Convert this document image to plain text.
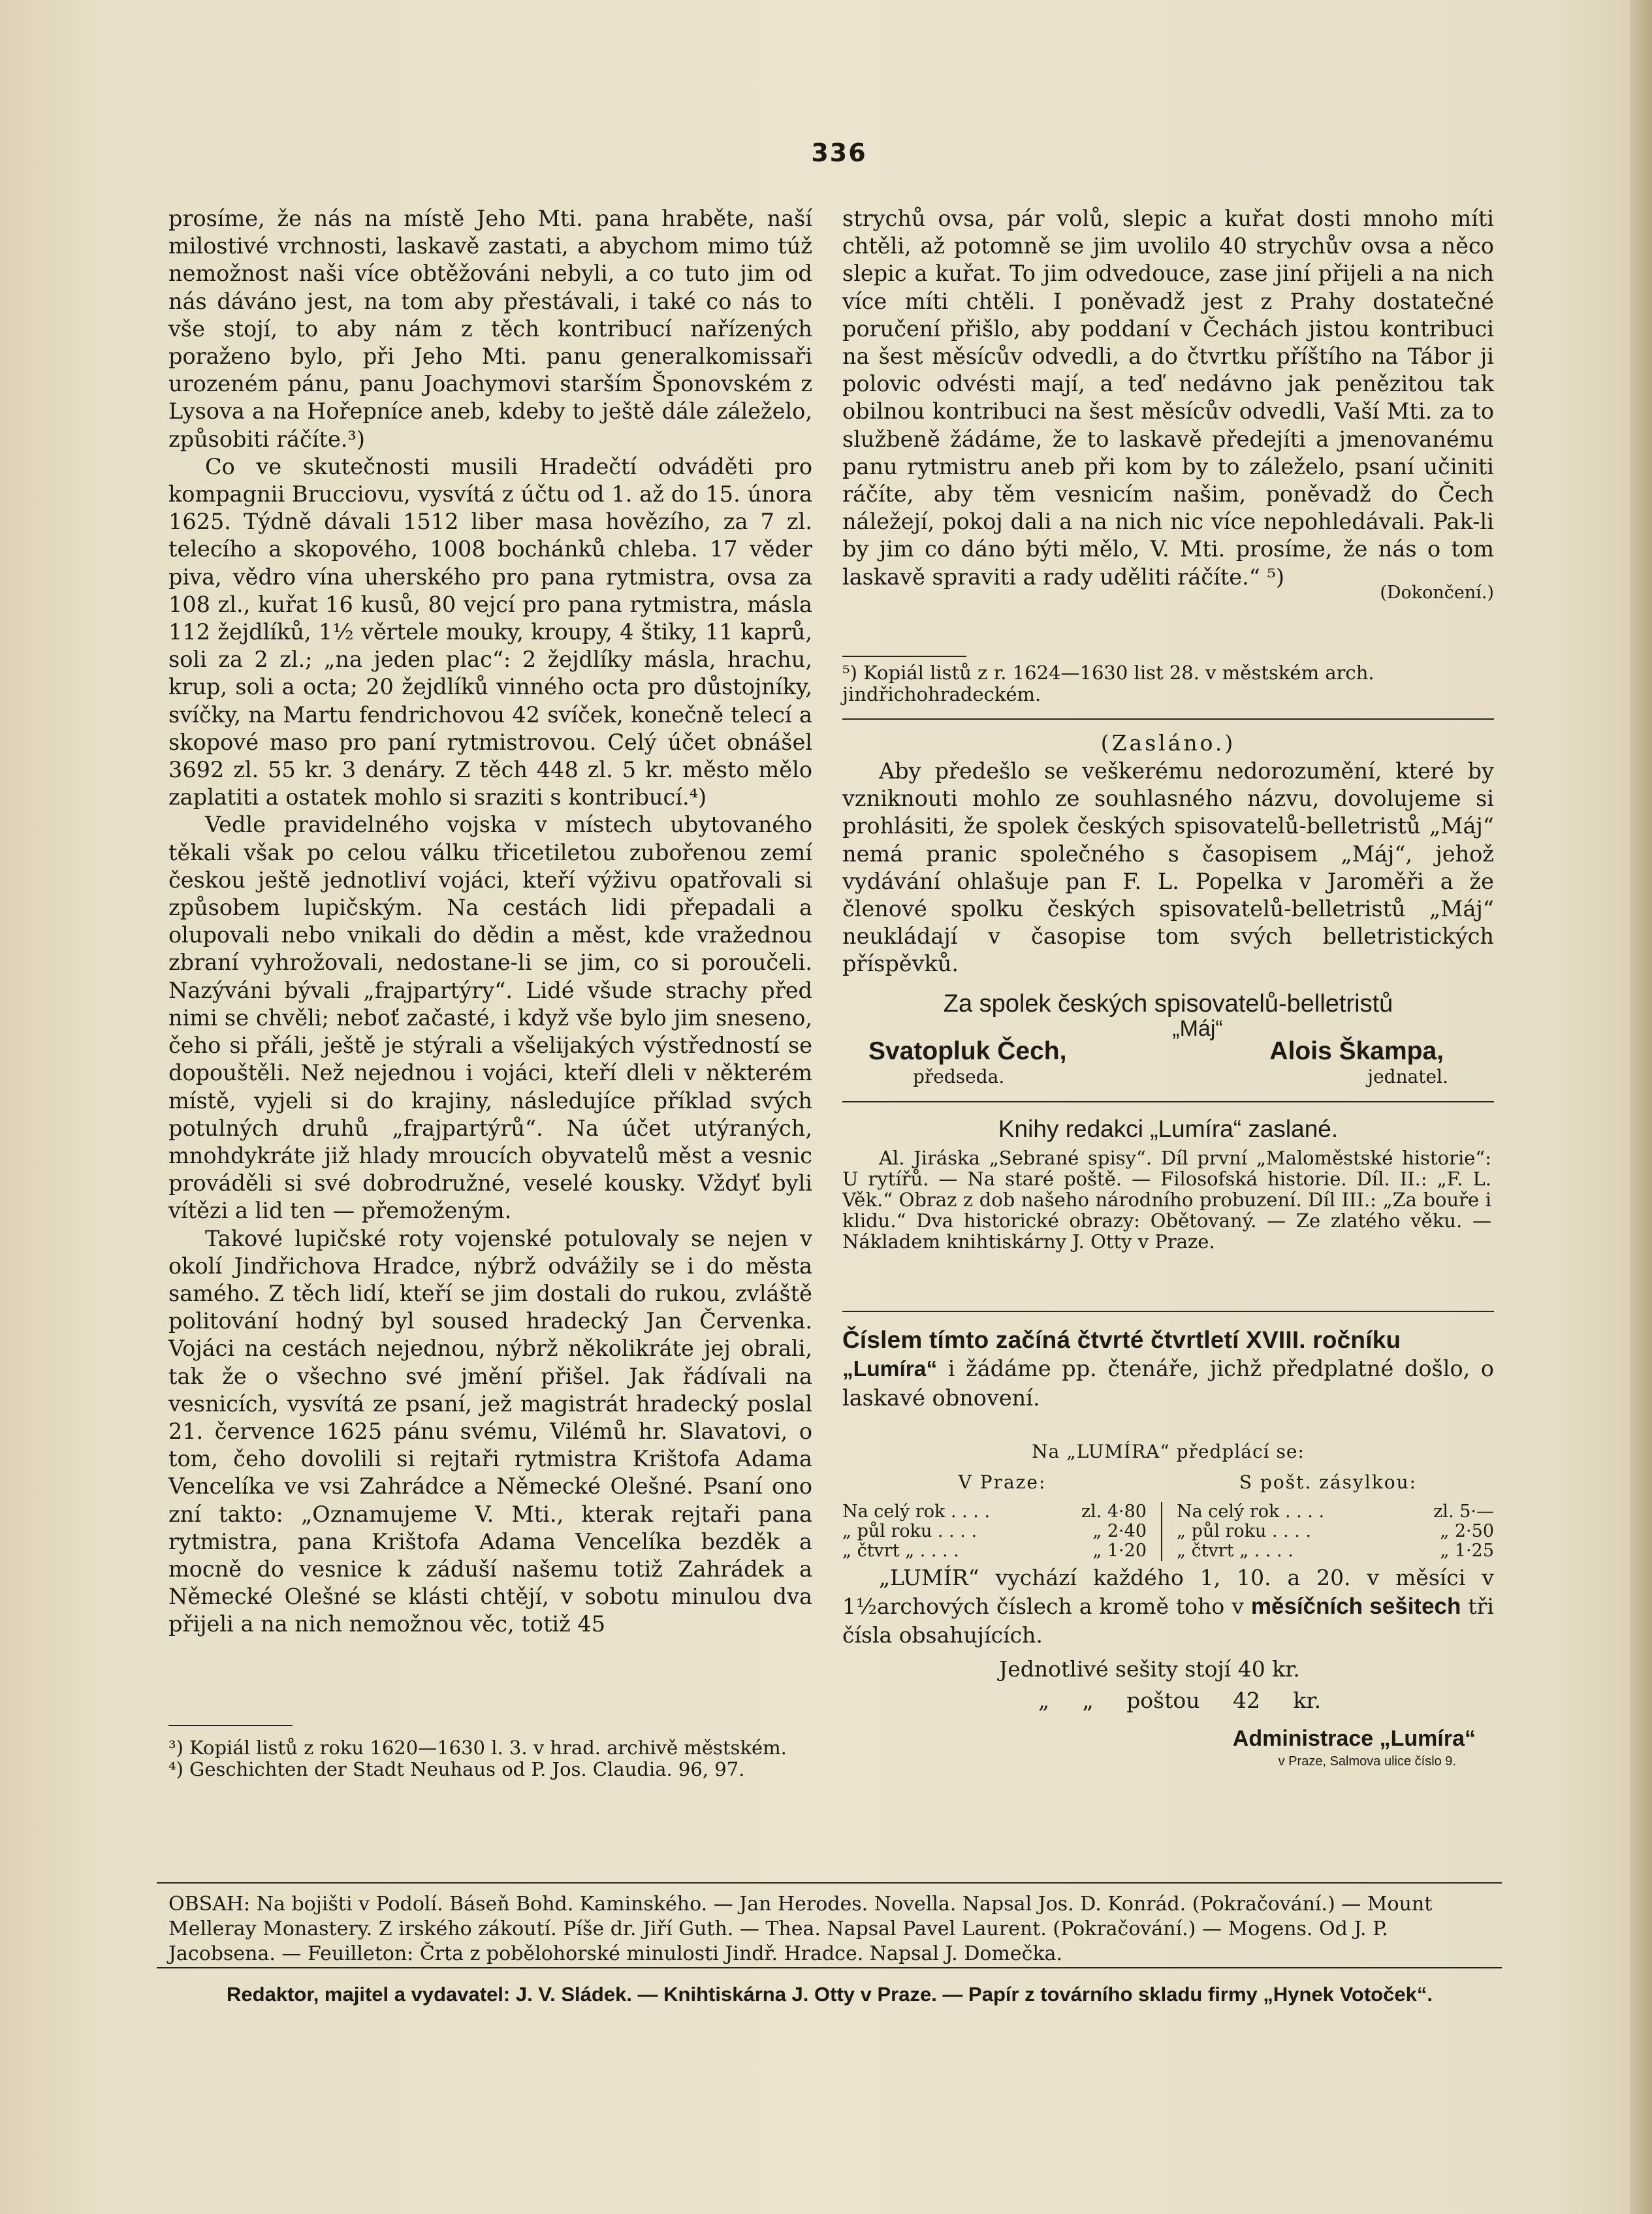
336

prosíme, že nás na místě Jeho Mti. pana hraběte, naší milostivé vrchnosti, laskavě zastati, a abychom mimo túž nemožnost naši více obtěžováni nebyli, a co tuto jim od nás dáváno jest, na tom aby přestávali, i také co nás to vše stojí, to aby nám z těch kontribucí nařízených poraženo bylo, při Jeho Mti. panu generalkomissaři urozeném pánu, panu Joachymovi starším Šponovském z Lysova a na Hořepníce aneb, kdeby to ještě dále záleželo, způsobiti ráčíte.³)

Co ve skutečnosti musili Hradečtí odváděti pro kompagnii Brucciovu, vysvítá z účtu od 1. až do 15. února 1625. Týdně dávali 1512 liber masa hovězího, za 7 zl. telecího a skopového, 1008 bochánků chleba. 17 věder piva, vědro vína uherského pro pana rytmistra, ovsa za 108 zl., kuřat 16 kusů, 80 vejcí pro pana rytmistra, másla 112 žejdlíků, 1½ věrtele mouky, kroupy, 4 štiky, 11 kaprů, soli za 2 zl.; „na jeden plac“: 2 žejdlíky másla, hrachu, krup, soli a octa; 20 žejdlíků vinného octa pro důstojníky, svíčky, na Martu fendrichovou 42 svíček, konečně telecí a skopové maso pro paní rytmistrovou. Celý účet obnášel 3692 zl. 55 kr. 3 denáry. Z těch 448 zl. 5 kr. město mělo zaplatiti a ostatek mohlo si sraziti s kontribucí.⁴)

Vedle pravidelného vojska v místech ubytovaného těkali však po celou válku třicetiletou zubořenou zemí českou ještě jednotliví vojáci, kteří výživu opatřovali si způsobem lupičským. Na cestách lidi přepadali a olupovali nebo vnikali do dědin a měst, kde vražednou zbraní vyhrožovali, nedostane-li se jim, co si poroučeli. Nazýváni bývali „frajpartýry“. Lidé všude strachy před nimi se chvěli; neboť začasté, i když vše bylo jim sneseno, čeho si přáli, ještě je stýrali a všelijakých výstředností se dopouštěli. Než nejednou i vojáci, kteří dleli v některém místě, vyjeli si do krajiny, následujíce příklad svých potulných druhů „frajpartýrů“. Na účet utýraných, mnohdykráte již hlady mroucích obyvatelů měst a vesnic prováděli si své dobrodružné, veselé kousky. Vždyť byli vítězi a lid ten — přemoženým.

Takové lupičské roty vojenské potulovaly se nejen v okolí Jindřichova Hradce, nýbrž odvážily se i do města samého. Z těch lidí, kteří se jim dostali do rukou, zvláště politování hodný byl soused hradecký Jan Červenka. Vojáci na cestách nejednou, nýbrž několikráte jej obrali, tak že o všechno své jmění přišel. Jak řádívali na vesnicích, vysvítá ze psaní, jež magistrát hradecký poslal 21. července 1625 pánu svému, Vilémů hr. Slavatovi, o tom, čeho dovolili si rejtaři rytmistra Krištofa Adama Vencelíka ve vsi Zahrádce a Německé Olešné. Psaní ono zní takto: „Oznamujeme V. Mti., kterak rejtaři pana rytmistra, pana Krištofa Adama Vencelíka bezděk a mocně do vesnice k záduší našemu totiž Zahrádek a Německé Olešné se klásti chtějí, v sobotu minulou dva přijeli a na nich nemožnou věc, totiž 45

³) Kopiál listů z roku 1620—1630 l. 3. v hrad. archivě městském.
⁴) Geschichten der Stadt Neuhaus od P. Jos. Claudia. 96, 97.

strychů ovsa, pár volů, slepic a kuřat dosti mnoho míti chtěli, až potomně se jim uvolilo 40 strychův ovsa a něco slepic a kuřat. To jim odvedouce, zase jiní přijeli a na nich více míti chtěli. I poněvadž jest z Prahy dostatečné poručení přišlo, aby poddaní v Čechách jistou kontribuci na šest měsícův odvedli, a do čtvrtku příštího na Tábor ji polovic odvésti mají, a teď nedávno jak penězitou tak obilnou kontribuci na šest měsícův odvedli, Vaší Mti. za to službeně žádáme, že to laskavě předejíti a jmenovanému panu rytmistru aneb při kom by to záleželo, psaní učiniti ráčíte, aby těm vesnicím našim, poněvadž do Čech náležejí, pokoj dali a na nich nic více nepohledávali. Pak-li by jim co dáno býti mělo, V. Mti. prosíme, že nás o tom laskavě spraviti a rady uděliti ráčíte.“ ⁵)

(Dokončení.)
⁵) Kopiál listů z r. 1624—1630 list 28. v městském arch. jindřichohradeckém.
(Zasláno.)
Aby předešlo se veškerému nedorozumění, které by vzniknouti mohlo ze souhlasného názvu, dovolujeme si prohlásiti, že spolek českých spisovatelů-belletristů „Máj“ nemá pranic společného s časopisem „Máj“, jehož vydávání ohlašuje pan F. L. Popelka v Jaroměři a že členové spolku českých spisovatelů-belletristů „Máj“ neukládají v časopise tom svých belletristických příspěvků.
Za spolek českých spisovatelů-belletristů
„Máj“
Svatopluk Čech,
předseda.
Alois Škampa,
jednatel.
Knihy redakci „Lumíra“ zaslané.
Al. Jiráska „Sebrané spisy“. Díl první „Maloměstské historie“: U rytířů. — Na staré poště. — Filosofská historie. Díl. II.: „F. L. Věk.“ Obraz z dob našeho národního probuzení. Díl III.: „Za bouře i klidu.“ Dva historické obrazy: Obětovaný. — Ze zlatého věku. — Nákladem knihtiskárny J. Otty v Praze.
Číslem tímto začíná čtvrté čtvrtletí XVIII. ročníku
„Lumíra“ i žádáme pp. čtenáře, jichž předplatné došlo, o laskavé obnovení.
Na „LUMÍRA“ předplácí se:
V Praze:	S pošt. zásylkou:
Na celý rok . . . .	zl. 4·80
„ půl roku . . . .	„ 2·40
„ čtvrt „ . . . .	„ 1·20
Na celý rok . . . .	zl. 5·—
„ půl roku . . . .	„ 2·50
„ čtvrt „ . . . .	„ 1·25
„LUMÍR“ vychází každého 1, 10. a 20. v měsíci v 1½archových číslech a kromě toho v měsíčních sešitech tři čísla obsahujících.
Jednotlivé sešity stojí 40 kr.
„ „ poštou 42 kr.
Administrace „Lumíra“
v Praze, Salmova ulice číslo 9.
OBSAH: Na bojišti v Podolí. Báseň Bohd. Kaminského. — Jan Herodes. Novella. Napsal Jos. D. Konrád. (Pokračování.) — Mount Melleray Monastery. Z irského zákoutí. Píše dr. Jiří Guth. — Thea. Napsal Pavel Laurent. (Pokračování.) — Mogens. Od J. P. Jacobsena. — Feuilleton: Črta z pobělohorské minulosti Jindř. Hradce. Napsal J. Domečka.
Redaktor, majitel a vydavatel: J. V. Sládek. — Knihtiskárna J. Otty v Praze. — Papír z továrního skladu firmy „Hynek Votoček“.
